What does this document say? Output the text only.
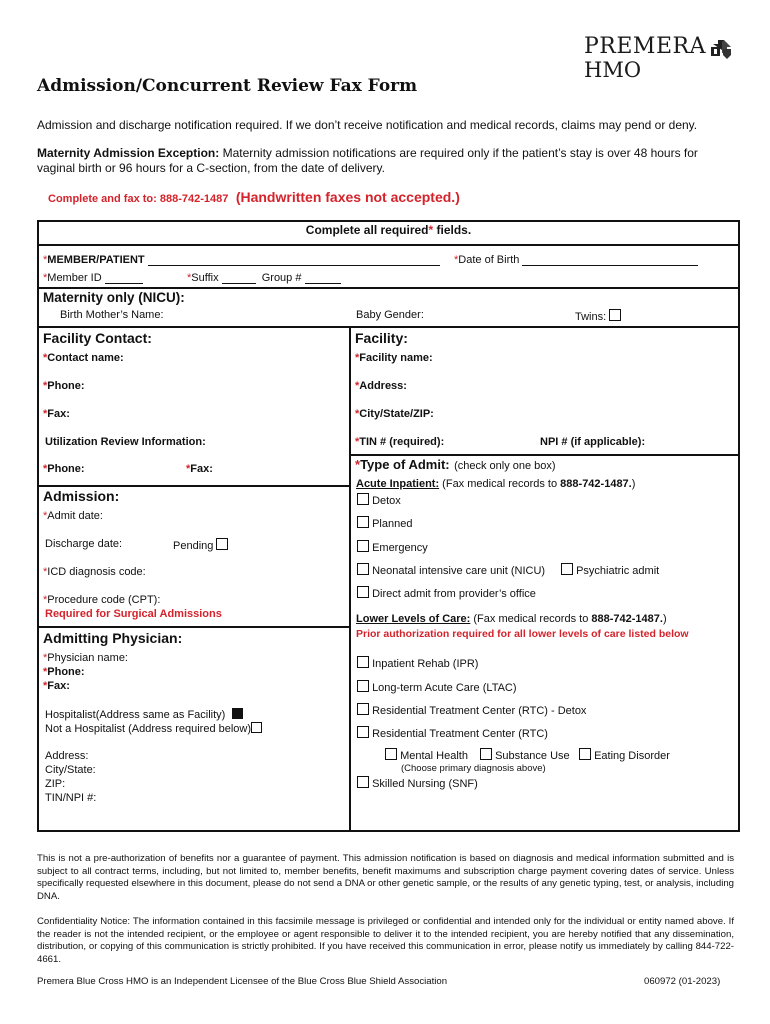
Admission/Concurrent Review Fax Form
PREMERA
HMO
Admission and discharge notification required. If we don’t receive notification and medical records, claims may pend or deny.
Maternity Admission Exception: Maternity admission notifications are required only if the patient’s stay is over 48 hours for vaginal birth or 96 hours for a C-section, from the date of delivery.
Complete and fax to: 888-742-1487 (Handwritten faxes not accepted.)
Complete all required* fields.
*MEMBER/PATIENT	*Date of Birth
*Member ID	*Suffix	Group #
Maternity only (NICU):
Birth Mother’s Name:	Baby Gender:	Twins:
Facility Contact:
*Contact name:
*Phone:
*Fax:
Utilization Review Information:
*Phone:	*Fax:
Admission:
*Admit date:
Discharge date:	Pending
*ICD diagnosis code:
*Procedure code (CPT):
Required for Surgical Admissions
Admitting Physician:
*Physician name:
*Phone:
*Fax:
Hospitalist(Address same as Facility)
Not a Hospitalist (Address required below)
Address:
City/State:
ZIP:
TIN/NPI #:
Facility:
*Facility name:
*Address:
*City/State/ZIP:
*TIN # (required):	NPI # (if applicable):
*Type of Admit: (check only one box)
Acute Inpatient: (Fax medical records to 888-742-1487.)
Detox
Planned
Emergency
Neonatal intensive care unit (NICU)	Psychiatric admit
Direct admit from provider’s office
Lower Levels of Care: (Fax medical records to 888-742-1487.)
Prior authorization required for all lower levels of care listed below
Inpatient Rehab (IPR)
Long-term Acute Care (LTAC)
Residential Treatment Center (RTC) - Detox
Residential Treatment Center (RTC)
Mental Health	Substance Use	Eating Disorder
(Choose primary diagnosis above)
Skilled Nursing (SNF)
This is not a pre-authorization of benefits nor a guarantee of payment. This admission notification is based on diagnosis and medical information submitted and is subject to all contract terms, including, but not limited to, member benefits, benefit maximums and subscription charge payment covering dates of service. Unless specifically requested elsewhere in this document, please do not send a DNA or other genetic sample, or the results of any genetic typing, test, or analysis, including DNA.
Confidentiality Notice: The information contained in this facsimile message is privileged or confidential and intended only for the individual or entity named above. If the reader is not the intended recipient, or the employee or agent responsible to deliver it to the intended recipient, you are hereby notified that any dissemination, distribution, or copying of this communication is strictly prohibited. If you have received this communication in error, please notify us immediately by calling 844-722-4661.
Premera Blue Cross HMO is an Independent Licensee of the Blue Cross Blue Shield Association	060972 (01-2023)
